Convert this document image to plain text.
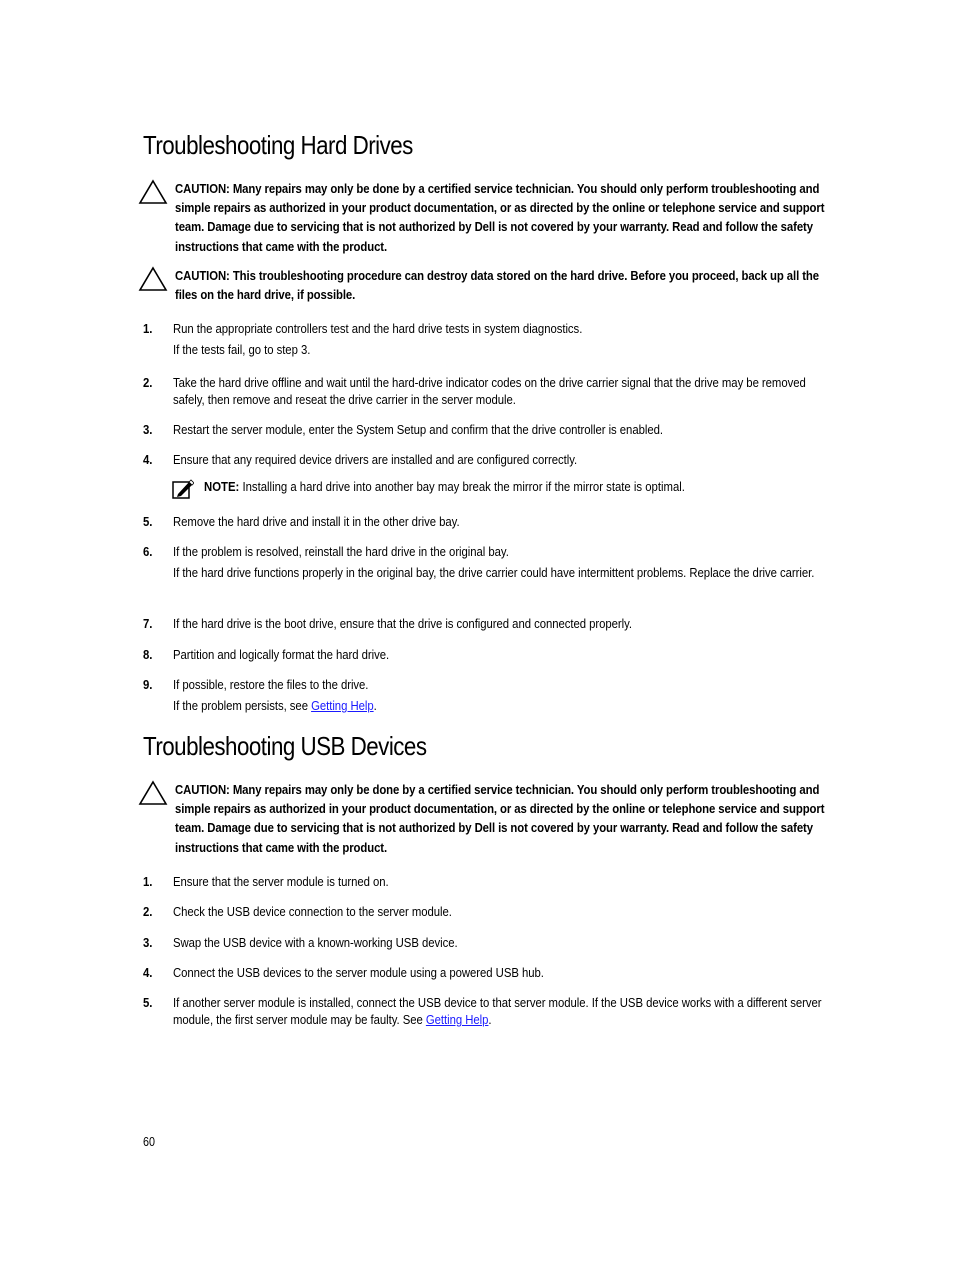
Troubleshooting Hard Drives
CAUTION: Many repairs may only be done by a certified service technician. You should only perform troubleshooting and simple repairs as authorized in your product documentation, or as directed by the online or telephone service and support team. Damage due to servicing that is not authorized by Dell is not covered by your warranty. Read and follow the safety instructions that came with the product.
CAUTION: This troubleshooting procedure can destroy data stored on the hard drive. Before you proceed, back up all the files on the hard drive, if possible.
1. Run the appropriate controllers test and the hard drive tests in system diagnostics.
If the tests fail, go to step 3.
2. Take the hard drive offline and wait until the hard-drive indicator codes on the drive carrier signal that the drive may be removed safely, then remove and reseat the drive carrier in the server module.
3. Restart the server module, enter the System Setup and confirm that the drive controller is enabled.
4. Ensure that any required device drivers are installed and are configured correctly.
NOTE: Installing a hard drive into another bay may break the mirror if the mirror state is optimal.
5. Remove the hard drive and install it in the other drive bay.
6. If the problem is resolved, reinstall the hard drive in the original bay.
If the hard drive functions properly in the original bay, the drive carrier could have intermittent problems. Replace the drive carrier.
7. If the hard drive is the boot drive, ensure that the drive is configured and connected properly.
8. Partition and logically format the hard drive.
9. If possible, restore the files to the drive.
If the problem persists, see Getting Help.
Troubleshooting USB Devices
CAUTION: Many repairs may only be done by a certified service technician. You should only perform troubleshooting and simple repairs as authorized in your product documentation, or as directed by the online or telephone service and support team. Damage due to servicing that is not authorized by Dell is not covered by your warranty. Read and follow the safety instructions that came with the product.
1. Ensure that the server module is turned on.
2. Check the USB device connection to the server module.
3. Swap the USB device with a known-working USB device.
4. Connect the USB devices to the server module using a powered USB hub.
5. If another server module is installed, connect the USB device to that server module. If the USB device works with a different server module, the first server module may be faulty. See Getting Help.
60
